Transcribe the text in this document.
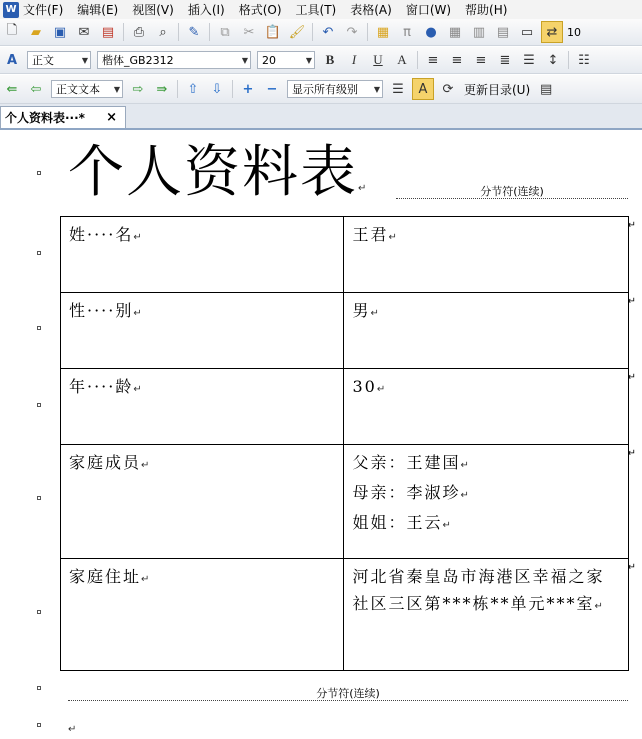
W 文件(F) 编辑(E) 视图(V) 插入(I) 格式(O) 工具(T) 表格(A) 窗口(W) 帮助(H)
🗋	▰ ▣ ✉ ▤	⎙	⌕	✎	⧉	✂ 📋 🖌	↶	↷	▦	π	● ▦ ▥ ▤ ▭	⇄ 10
A	正文	▼ 楷体_GB2312	▼ 20	▼	B	I	U	A	≡	≡	≡	≣ ☰ ↕	☷
⇚	⇦	正文文本 ▼ ⇨	⇛	⇧	⇩	+	−	显示所有级别 ▼ ☰	A	⟳ 更新目录(U) ▤
个人资料表···* ×
个人资料表↵	分节符(连续)
姓····名↵	王君↵
性····别↵	男↵
年····龄↵	30↵
家庭成员↵	父亲：王建国↵
母亲：李淑珍↵
姐姐：王云↵

家庭住址↵	河北省秦皇岛市海港区幸福之家社区三区第***栋**单元***室↵
↵
↵
↵
↵
↵
分节符(连续)
↵
